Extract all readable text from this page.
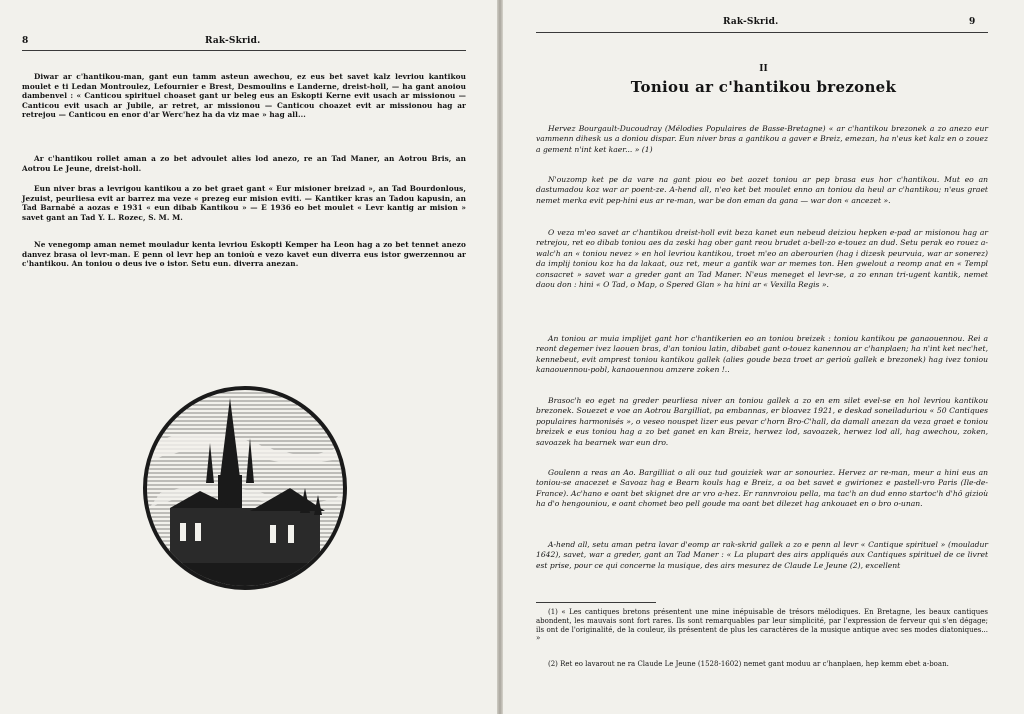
8	Rak-Skrid.

Diwar ar c'hantikou-man, gant eun tamm asteun awechou, ez eus bet savet kalz levriou kantikou moulet e ti Ledan Montroulez, Lefournier e Brest, Desmoulins e Landerne, dreist-holl, — ha gant anoiou dambenvel : « Canticou spirituel choaset gant ur beleg eus an Eskopti Kerne evit usach ar missionou — Canticou evit usach ar Jubile, ar retret, ar missionou — Canticou choazet evit ar missionou hag ar retrejou — Canticou en enor d'ar Werc'hez ha da viz mae » hag all...

Ar c'hantikou rollet aman a zo bet advoulet alies lod anezo, re an Tad Maner, an Aotrou Bris, an Aotrou Le Jeune, dreist-holl.

Eun niver bras a levrigou kantikou a zo bet graet gant « Eur misioner breizad », an Tad Bourdonlous, Jezuist, peurliesa evit ar barrez ma veze « prezeg eur mision eviti. — Kantiker kras an Tadou kapusin, an Tad Barnabé a aozas e 1931 « eun dibab Kantikou » — E 1936 eo bet moulet « Levr kantig ar mision » savet gant an Tad Y. L. Rozec, S. M. M.

Ne venegomp aman nemet mouladur kenta levriou Eskopti Kemper ha Leon hag a zo bet tennet anezo danvez brasa ol levr-man. E penn ol levr hep an tonioù e vezo kavet eun diverra eus istor gwerzennou ar c'hantikou. An toniou o deus ive o istor. Setu eun. diverra anezan.

Rak-Skrid.	9
II
Toniou ar c'hantikou brezonek

Hervez Bourgault-Ducoudray (Mélodies Populaires de Basse-Bretagne) « ar c'hantikou brezonek a zo anezo eur vammenn dihesk us a doniou dispar. Eun niver bras a gantikou a gaver e Breiz, emezan, ha n'eus ket kalz en o zouez a gement n'int ket kaer... » (1)

N'ouzomp ket pe da vare na gant piou eo bet aozet toniou ar pep brasa eus hor c'hantikou. Mut eo an dastumadou koz war ar poent-ze. A-hend all, n'eo ket bet moulet enno an toniou da heul ar c'hantikou; n'eus graet nemet merka evit pep-hini eus ar re-man, war be don eman da gana — war don « ancezet ».

O veza m'eo savet ar c'hantikou dreist-holl evit beza kanet eun nebeud deiziou hepken e-pad ar misionou hag ar retrejou, ret eo dibab toniou aes da zeski hag ober gant reou brudet a-bell-zo e-touez an dud. Setu perak eo rouez a-walc'h an « toniou nevez » en hol levriou kantikou, troet m'eo an aberourien (hag i dizesk peurvuia, war ar sonerez) da implij toniou koz ha da lakaat, ouz ret, meur a gantik war ar memes ton. Hen gwelout a reomp anat en « Templ consacret » savet war a greder gant an Tad Maner. N'eus meneget el levr-se, a zo ennan tri-ugent kantik, nemet daou don : hini « O Tad, o Map, o Spered Glan » ha hini ar « Vexilla Regis ».

An toniou ar muia implijet gant hor c'hantikerien eo an toniou breizek : toniou kantikou pe ganaouennou. Rei a reont degemer ivez laouen bras, d'an toniou latin, dibabet gant o-touez kanennou ar c'hanplaen; ha n'int ket nec'het, kennebeut, evit amprest toniou kantikou gallek (alies goude beza troet ar gerioù gallek e brezonek) hag ivez toniou kanaouennou-pobl, kanaouennou amzere zoken !..

Brasoc'h eo eget na greder peurliesa niver an toniou gallek a zo en em silet evel-se en hol levriou kantikou brezonek. Souezet e voe an Aotrou Bargilliat, pa embannas, er bloavez 1921, e deskad soneiladuriou « 50 Cantiques populaires harmonisés », o veseo nouspet lizer eus pevar c'horn Bro-C'hall, da damall anezan da veza graet e toniou breizek e eus toniou hag a zo bet ganet en kan Breiz, herwez lod, savoazek, herwez lod all, hag awechou, zoken, savoazek ha bearnek war eun dro.

Goulenn a reas an Ao. Bargilliat o ali ouz tud gouiziek war ar sonouriez. Hervez ar re-man, meur a hini eus an toniou-se anacezet e Savoaz hag e Bearn kouls hag e Breiz, a oa bet savet e gwirionez e pastell-vro Paris (Ile-de-France). Ac'hano e oant bet skignet dre ar vro a-hez. Er rannvroiou pella, ma tac'h an dud enno startoc'h d'hô gizioù ha d'o hengouniou, e oant chomet beo pell goude ma oant bet dilezet hag ankouaet en o bro o-unan.

A-hend all, setu aman petra lavar d'eomp ar rak-skrid gallek a zo e penn al levr « Cantique spirituel » (mouladur 1642), savet, war a greder, gant an Tad Maner : « La plupart des airs appliqués aux Cantiques spirituel de ce livret est prise, pour ce qui concerne la musique, des airs mesurez de Claude Le Jeune (2), excellent

(1) « Les cantiques bretons présentent une mine inépuisable de trésors mélodiques. En Bretagne, les beaux cantiques abondent, les mauvais sont fort rares. Ils sont remarquables par leur simplicité, par l'expression de ferveur qui s'en dégage; ils ont de l'originalité, de la couleur, ils présentent de plus les caractères de la musique antique avec ses modes diatoniques... »

(2) Ret eo lavarout ne ra Claude Le Jeune (1528-1602) nemet gant moduu ar c'hanplaen, hep kemm ebet a-boan.
